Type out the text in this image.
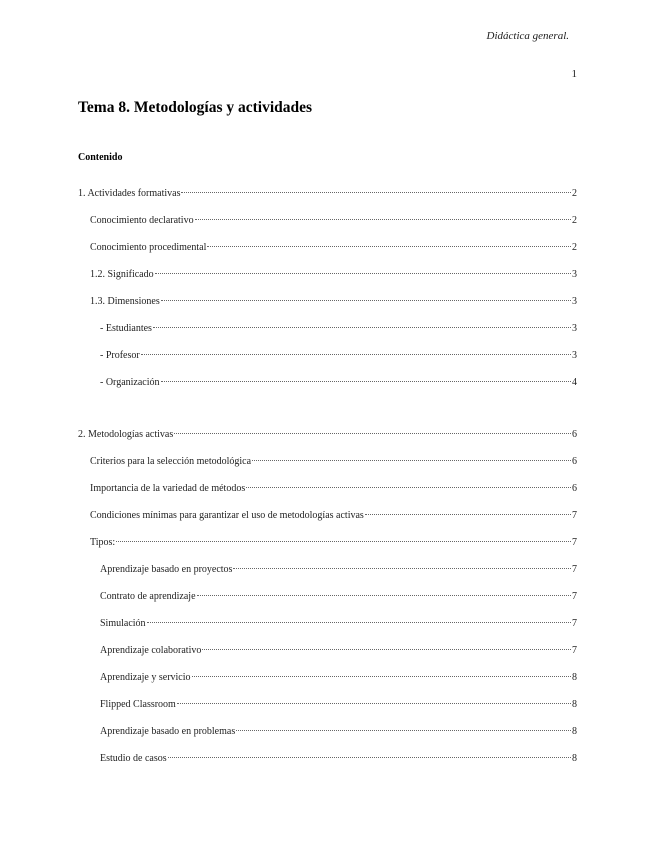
Didáctica general.
1
Tema 8. Metodologías y actividades
Contenido
1. Actividades formativas	2
Conocimiento declarativo	2
Conocimiento procedimental	2
1.2. Significado	3
1.3. Dimensiones	3
- Estudiantes	3
- Profesor	3
- Organización	4
2. Metodologías activas	6
Criterios para la selección metodológica	6
Importancia de la variedad de métodos	6
Condiciones mínimas para garantizar el uso de metodologías activas	7
Tipos:	7
Aprendizaje basado en proyectos	7
Contrato de aprendizaje	7
Simulación	7
Aprendizaje colaborativo	7
Aprendizaje y servicio	8
Flipped Classroom	8
Aprendizaje basado en problemas	8
Estudio de casos	8
